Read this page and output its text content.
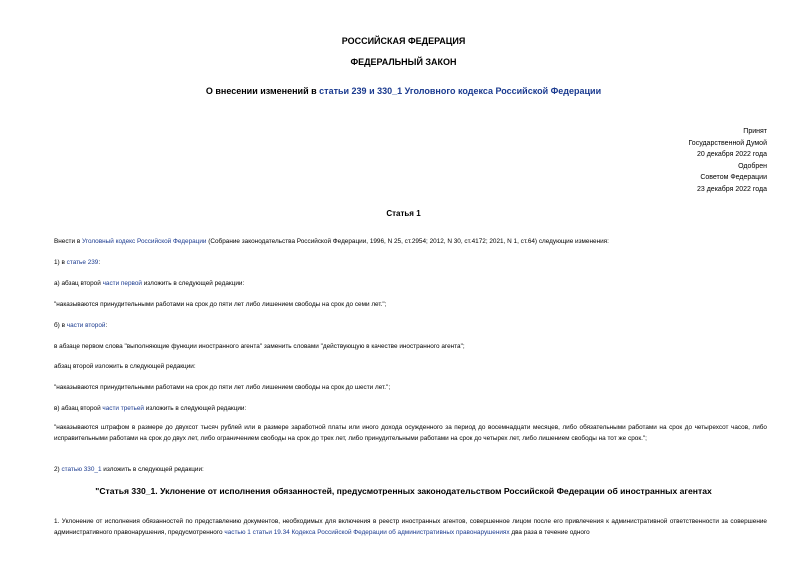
РОССИЙСКАЯ ФЕДЕРАЦИЯ
ФЕДЕРАЛЬНЫЙ ЗАКОН
О внесении изменений в статьи 239 и 330_1 Уголовного кодекса Российской Федерации
Принят
Государственной Думой
20 декабря 2022 года
Одобрен
Советом Федерации
23 декабря 2022 года
Статья 1
Внести в Уголовный кодекс Российской Федерации (Собрание законодательства Российской Федерации, 1996, N 25, ст.2954; 2012, N 30, ст.4172; 2021, N 1, ст.64) следующие изменения:
1) в статье 239:
а) абзац второй части первой изложить в следующей редакции:
"наказываются принудительными работами на срок до пяти лет либо лишением свободы на срок до семи лет.";
б) в части второй:
в абзаце первом слова "выполняющие функции иностранного агента" заменить словами "действующую в качестве иностранного агента";
абзац второй изложить в следующей редакции:
"наказываются принудительными работами на срок до пяти лет либо лишением свободы на срок до шести лет.";
в) абзац второй части третьей изложить в следующей редакции:
"наказываются штрафом в размере до двухсот тысяч рублей или в размере заработной платы или иного дохода осужденного за период до восемнадцати месяцев, либо обязательными работами на срок до четырехсот часов, либо исправительными работами на срок до двух лет, либо ограничением свободы на срок до трех лет, либо принудительными работами на срок до четырех лет, либо лишением свободы на тот же срок.";
2) статью 330_1 изложить в следующей редакции:
"Статья 330_1. Уклонение от исполнения обязанностей, предусмотренных законодательством Российской Федерации об иностранных агентах
1. Уклонение от исполнения обязанностей по представлению документов, необходимых для включения в реестр иностранных агентов, совершенное лицом после его привлечения к административной ответственности за совершение административного правонарушения, предусмотренного частью 1 статьи 19.34 Кодекса Российской Федерации об административных правонарушениях два раза в течение одного
